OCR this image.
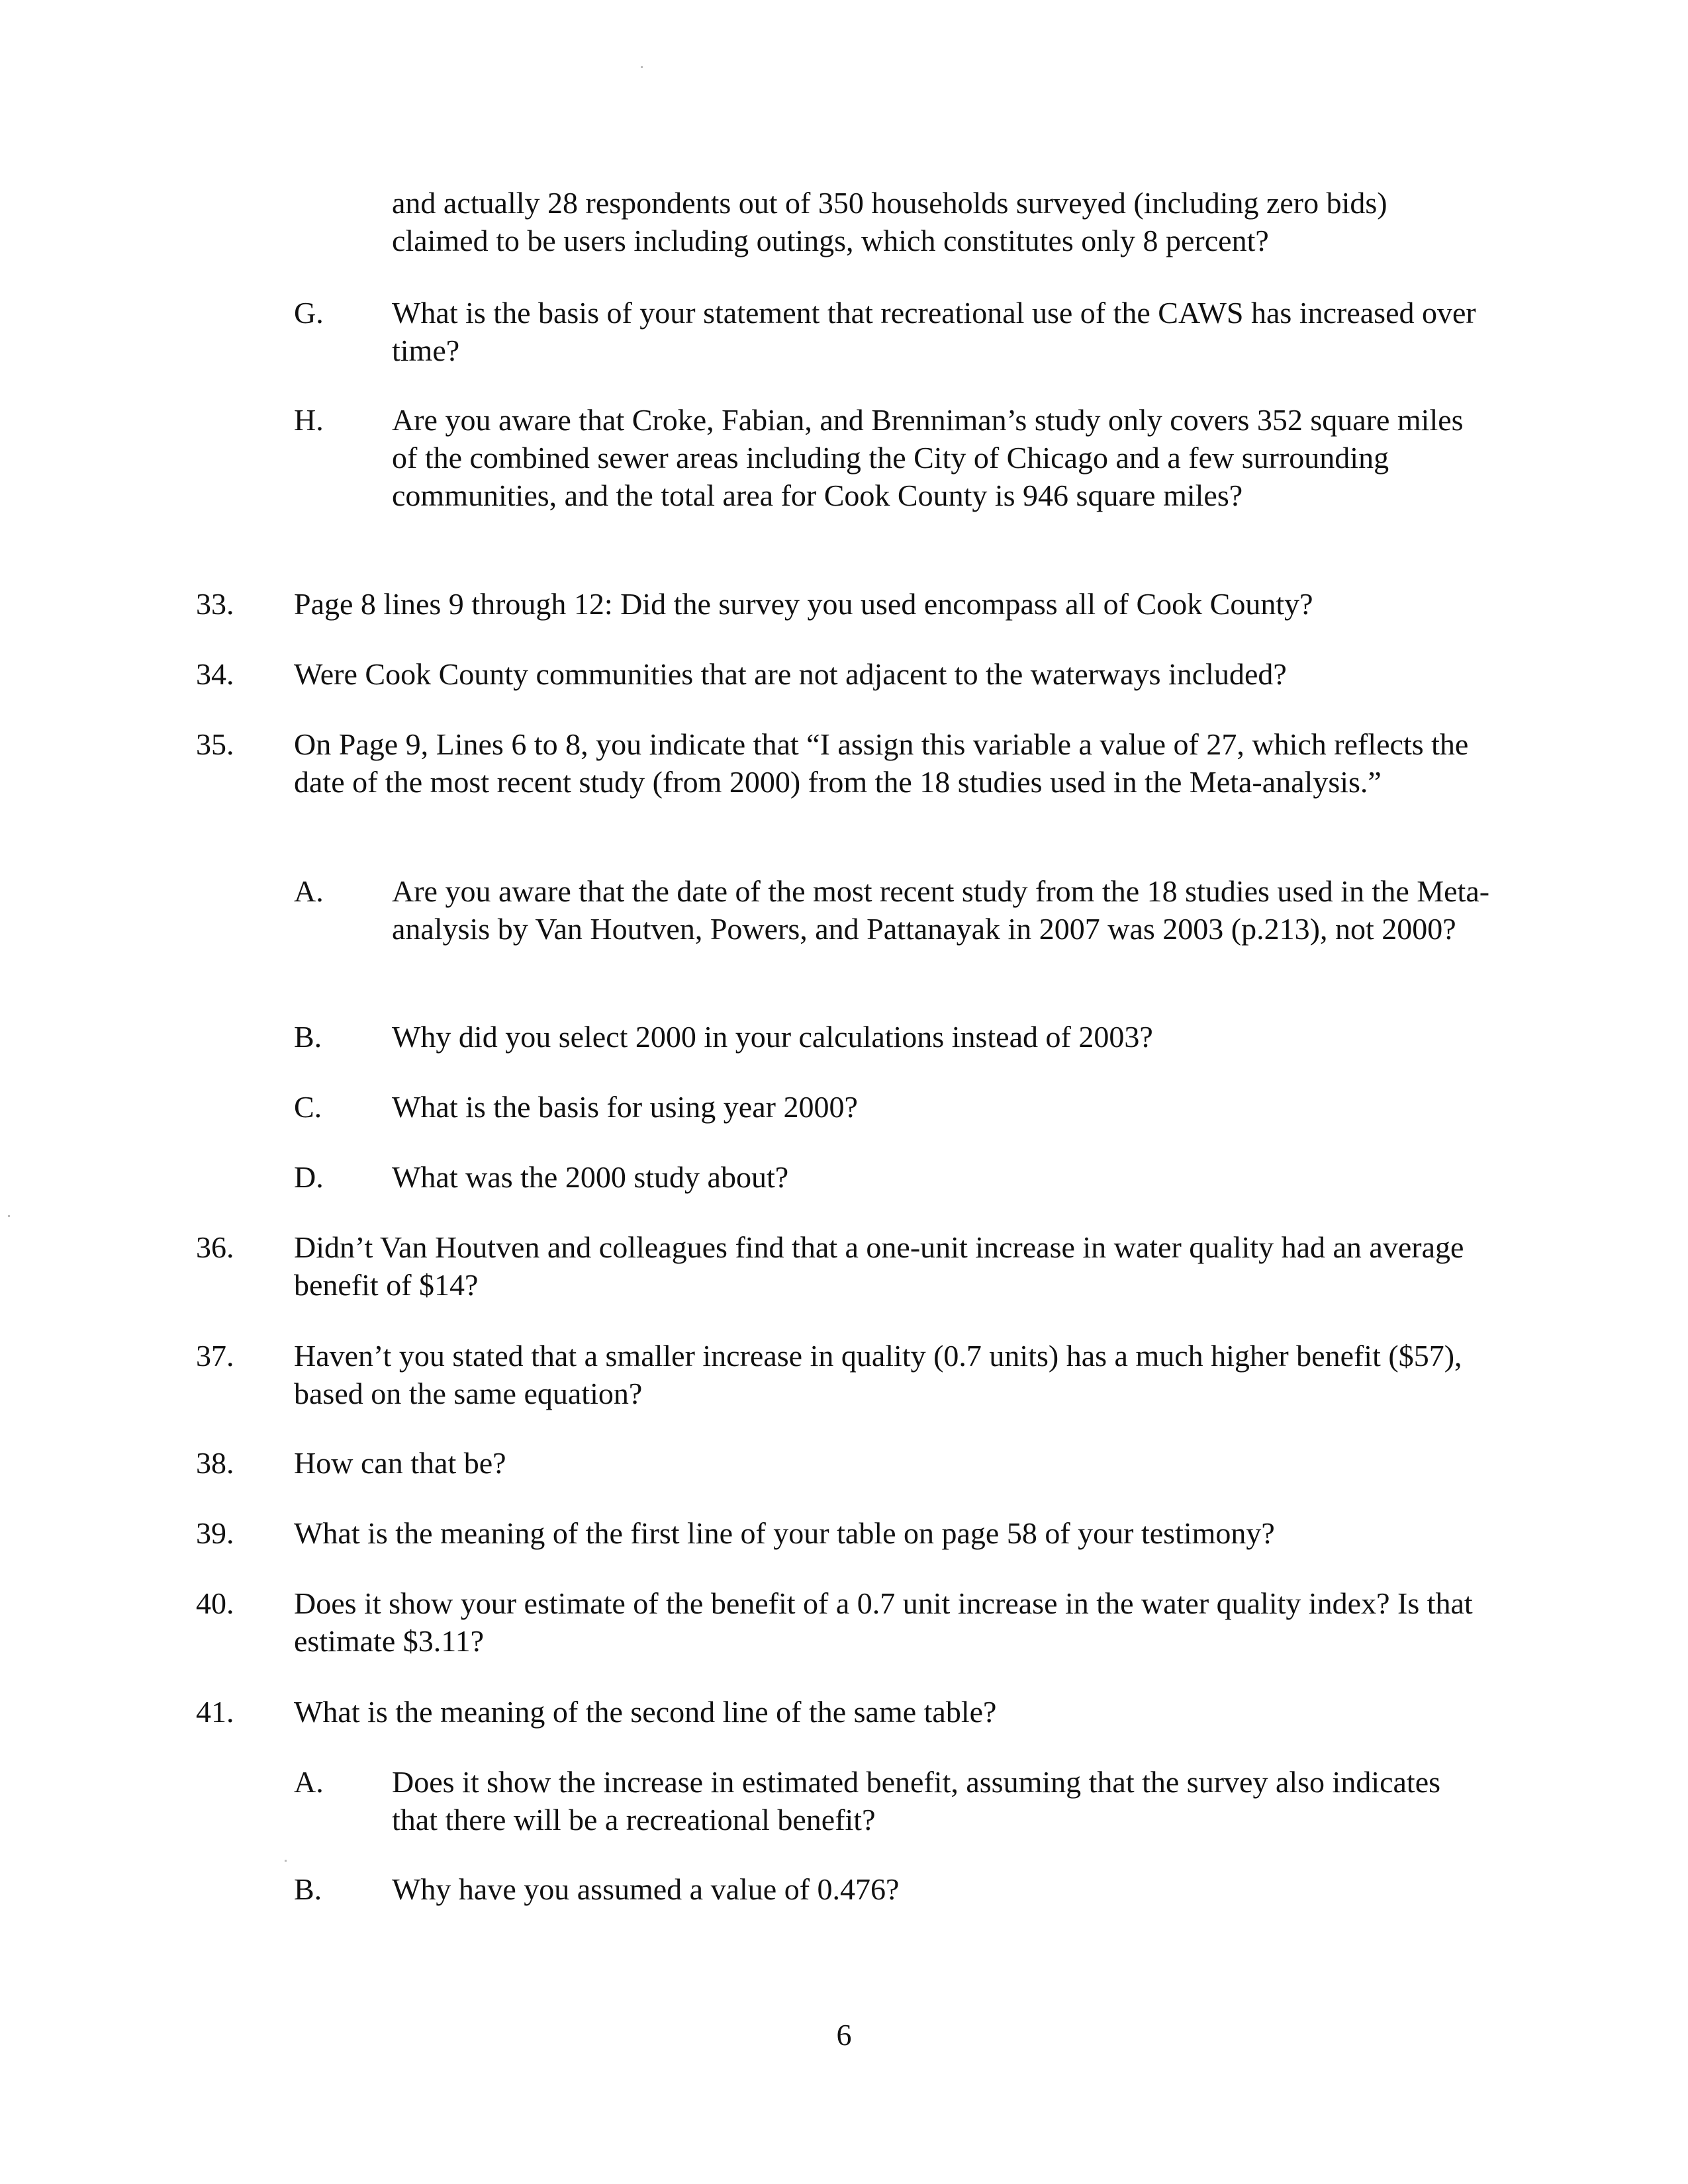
and actually 28 respondents out of 350 households surveyed (including zero bids) claimed to be users including outings, which constitutes only 8 percent?
G. What is the basis of your statement that recreational use of the CAWS has increased over time?
H. Are you aware that Croke, Fabian, and Brenniman’s study only covers 352 square miles of the combined sewer areas including the City of Chicago and a few surrounding communities, and the total area for Cook County is 946 square miles?
33. Page 8 lines 9 through 12: Did the survey you used encompass all of Cook County?
34. Were Cook County communities that are not adjacent to the waterways included?
35. On Page 9, Lines 6 to 8, you indicate that “I assign this variable a value of 27, which reflects the date of the most recent study (from 2000) from the 18 studies used in the Meta-analysis.”
A. Are you aware that the date of the most recent study from the 18 studies used in the Meta-analysis by Van Houtven, Powers, and Pattanayak in 2007 was 2003 (p.213), not 2000?
B. Why did you select 2000 in your calculations instead of 2003?
C. What is the basis for using year 2000?
D. What was the 2000 study about?
36. Didn’t Van Houtven and colleagues find that a one-unit increase in water quality had an average benefit of $14?
37. Haven’t you stated that a smaller increase in quality (0.7 units) has a much higher benefit ($57), based on the same equation?
38. How can that be?
39. What is the meaning of the first line of your table on page 58 of your testimony?
40. Does it show your estimate of the benefit of a 0.7 unit increase in the water quality index? Is that estimate $3.11?
41. What is the meaning of the second line of the same table?
A. Does it show the increase in estimated benefit, assuming that the survey also indicates that there will be a recreational benefit?
B. Why have you assumed a value of 0.476?
6
